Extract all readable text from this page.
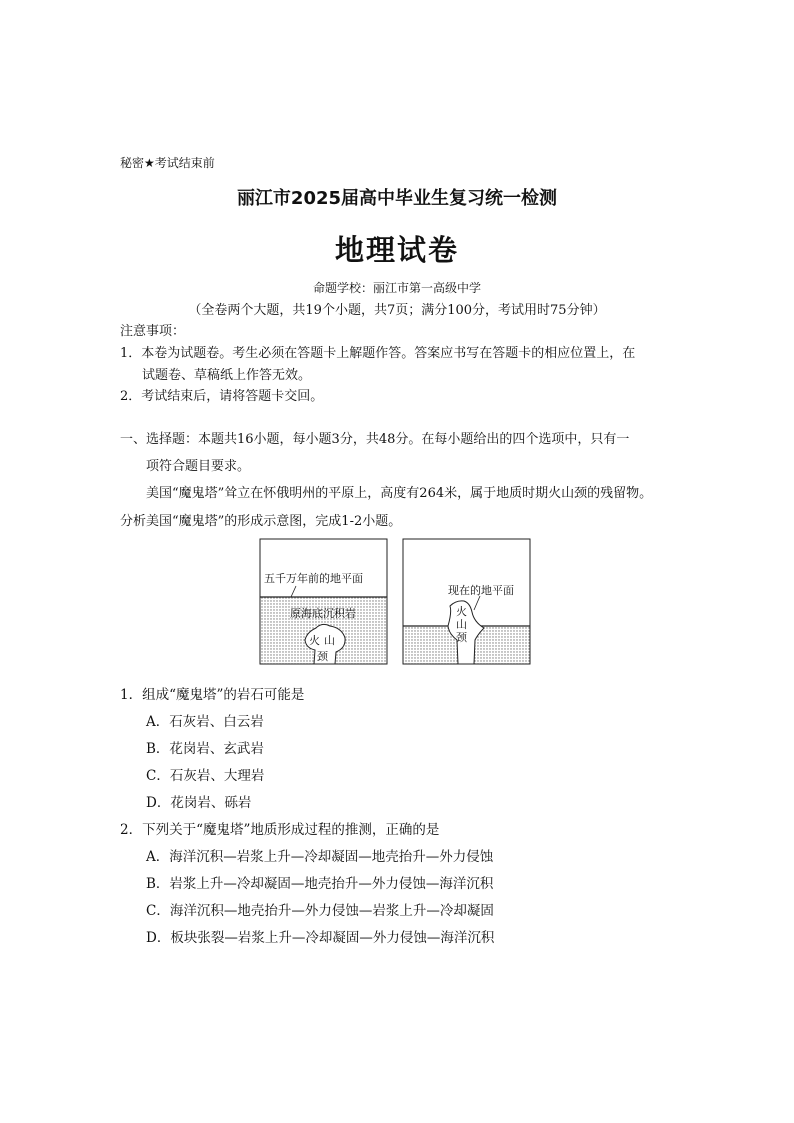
秘密★考试结束前
丽江市2025届高中毕业生复习统一检测
地理试卷
命题学校：丽江市第一高级中学
（全卷两个大题，共19个小题，共7页；满分100分，考试用时75分钟）
注意事项：
1．本卷为试题卷。考生必须在答题卡上解题作答。答案应书写在答题卡的相应位置上，在
试题卷、草稿纸上作答无效。
2．考试结束后，请将答题卡交回。
一、选择题：本题共16小题，每小题3分，共48分。在每小题给出的四个选项中，只有一
项符合题目要求。
美国“魔鬼塔”耸立在怀俄明州的平原上，高度有264米，属于地质时期火山颈的残留物。
分析美国“魔鬼塔”的形成示意图，完成1-2小题。
五千万年前的地平面
原海底沉积岩
火 山
颈
现在的地平面
火
山
颈
1．组成“魔鬼塔”的岩石可能是
A．石灰岩、白云岩
B．花岗岩、玄武岩
C．石灰岩、大理岩
D．花岗岩、砾岩
2．下列关于“魔鬼塔”地质形成过程的推测，正确的是
A．海洋沉积—岩浆上升—冷却凝固—地壳抬升—外力侵蚀
B．岩浆上升—冷却凝固—地壳抬升—外力侵蚀—海洋沉积
C．海洋沉积—地壳抬升—外力侵蚀—岩浆上升—冷却凝固
D．板块张裂—岩浆上升—冷却凝固—外力侵蚀—海洋沉积
